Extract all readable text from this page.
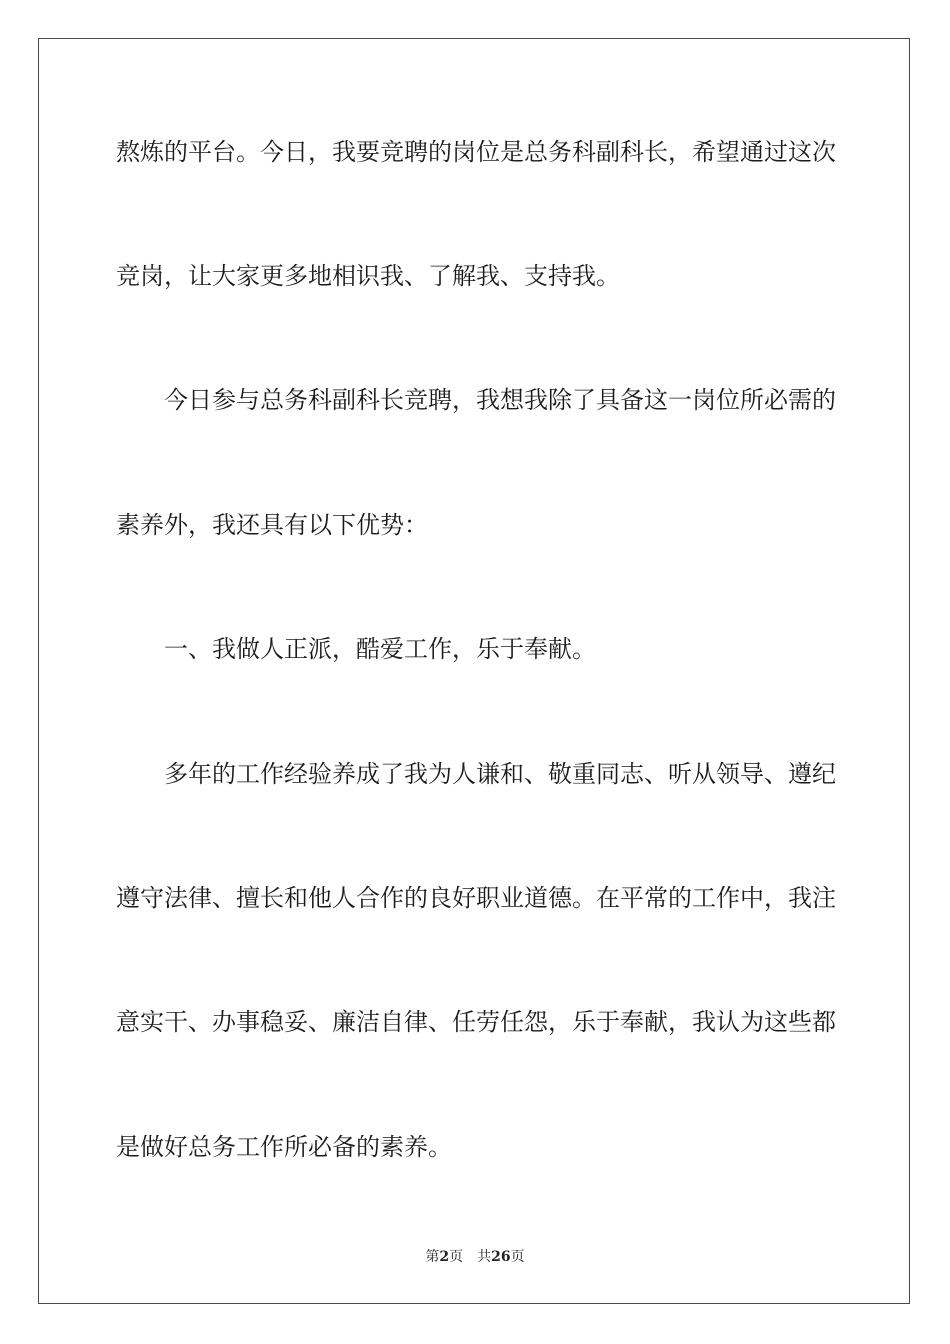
熬炼的平台。今日，我要竞聘的岗位是总务科副科长，希望通过这次
竞岗，让大家更多地相识我、了解我、支持我。
今日参与总务科副科长竞聘，我想我除了具备这一岗位所必需的
素养外，我还具有以下优势：
一、我做人正派，酷爱工作，乐于奉献。
多年的工作经验养成了我为人谦和、敬重同志、听从领导、遵纪
遵守法律、擅长和他人合作的良好职业道德。在平常的工作中，我注
意实干、办事稳妥、廉洁自律、任劳任怨，乐于奉献，我认为这些都
是做好总务工作所必备的素养。
第2页 共26页
